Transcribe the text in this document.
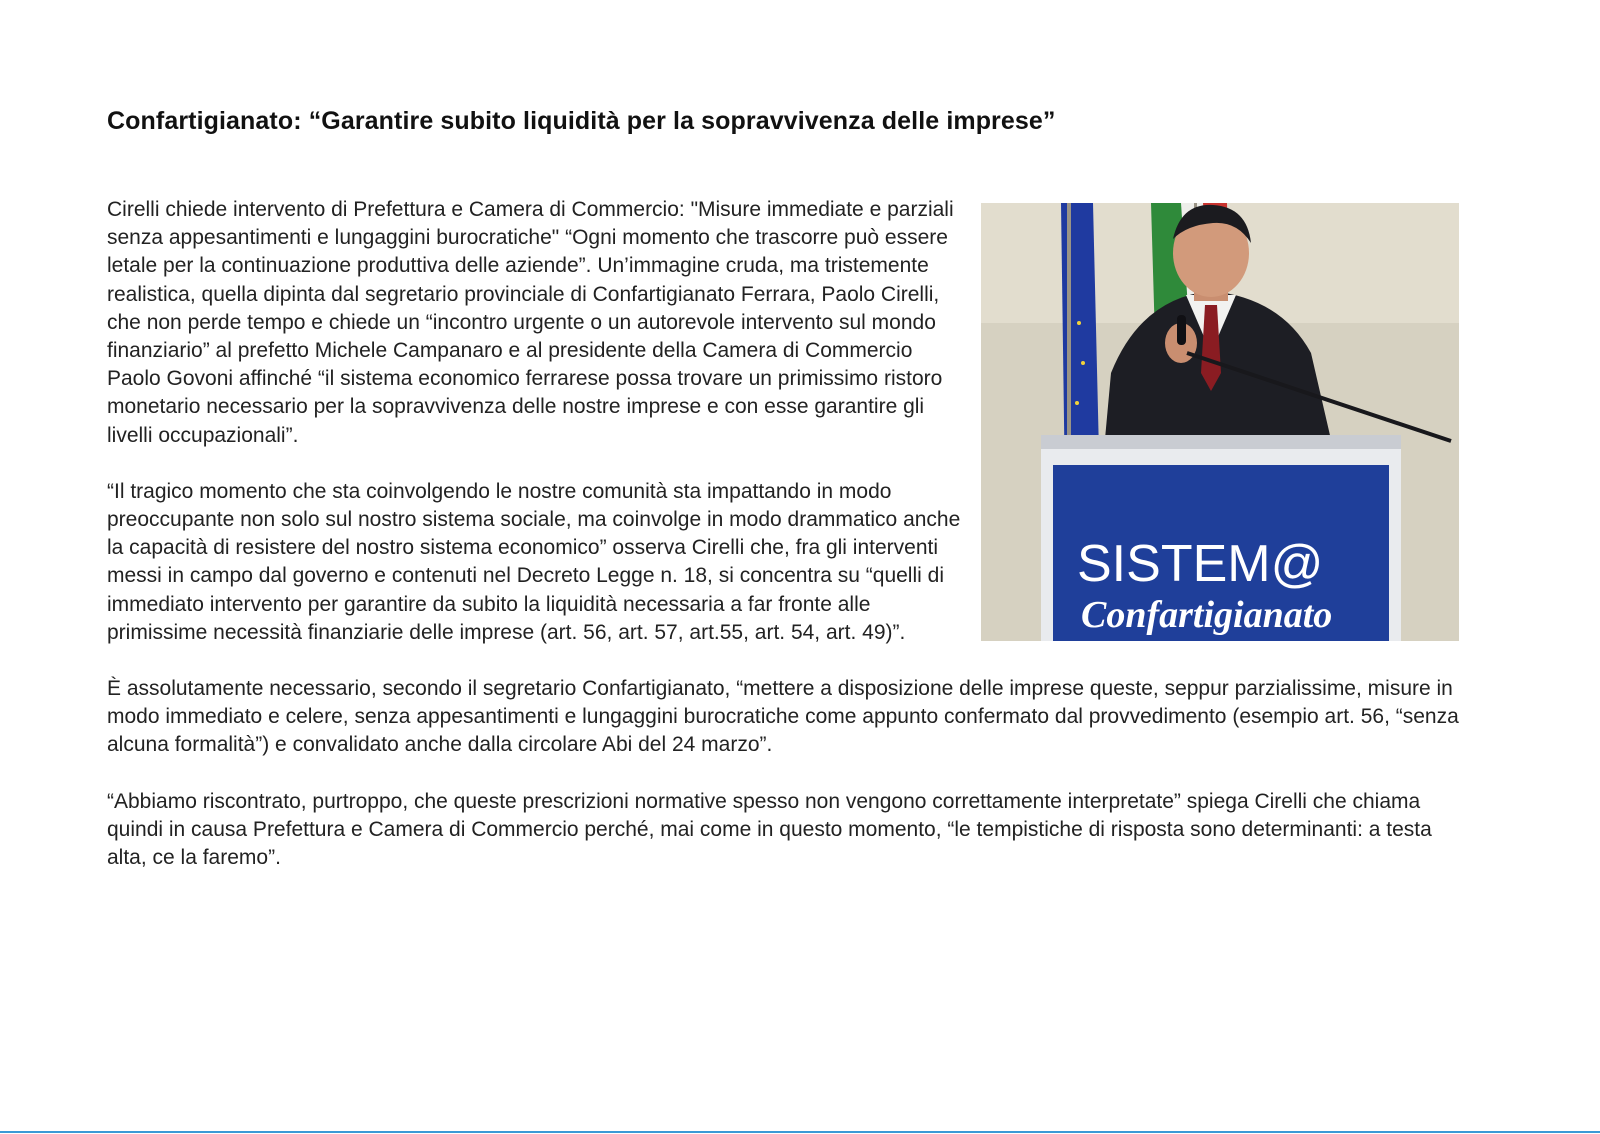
Confartigianato: “Garantire subito liquidità per la sopravvivenza delle imprese”
SISTEM@
Confartigianato

Cirelli chiede intervento di Prefettura e Camera di Commercio: "Misure immediate e parziali senza appesantimenti e lungaggini burocratiche" “Ogni momento che trascorre può essere letale per la continuazione produttiva delle aziende”. Un’immagine cruda, ma tristemente realistica, quella dipinta dal segretario provinciale di Confartigianato Ferrara, Paolo Cirelli, che non perde tempo e chiede un “incontro urgente o un autorevole intervento sul mondo finanziario” al prefetto Michele Campanaro e al presidente della Camera di Commercio Paolo Govoni affinché “il sistema economico ferrarese possa trovare un primissimo ristoro monetario necessario per la sopravvivenza delle nostre imprese e con esse garantire gli livelli occupazionali”.

“Il tragico momento che sta coinvolgendo le nostre comunità sta impattando in modo preoccupante non solo sul nostro sistema sociale, ma coinvolge in modo drammatico anche la capacità di resistere del nostro sistema economico” osserva Cirelli che, fra gli interventi messi in campo dal governo e contenuti nel Decreto Legge n. 18, si concentra su “quelli di immediato intervento per garantire da subito la liquidità necessaria a far fronte alle primissime necessità finanziarie delle imprese (art. 56, art. 57, art.55, art. 54, art. 49)”.

È assolutamente necessario, secondo il segretario Confartigianato, “mettere a disposizione delle imprese queste, seppur parzialissime, misure in modo immediato e celere, senza appesantimenti e lungaggini burocratiche come appunto confermato dal provvedimento (esempio art. 56, “senza alcuna formalità”) e convalidato anche dalla circolare Abi del 24 marzo”.

“Abbiamo riscontrato, purtroppo, che queste prescrizioni normative spesso non vengono correttamente interpretate” spiega Cirelli che chiama quindi in causa Prefettura e Camera di Commercio perché, mai come in questo momento, “le tempistiche di risposta sono determinanti: a testa alta, ce la faremo”.
